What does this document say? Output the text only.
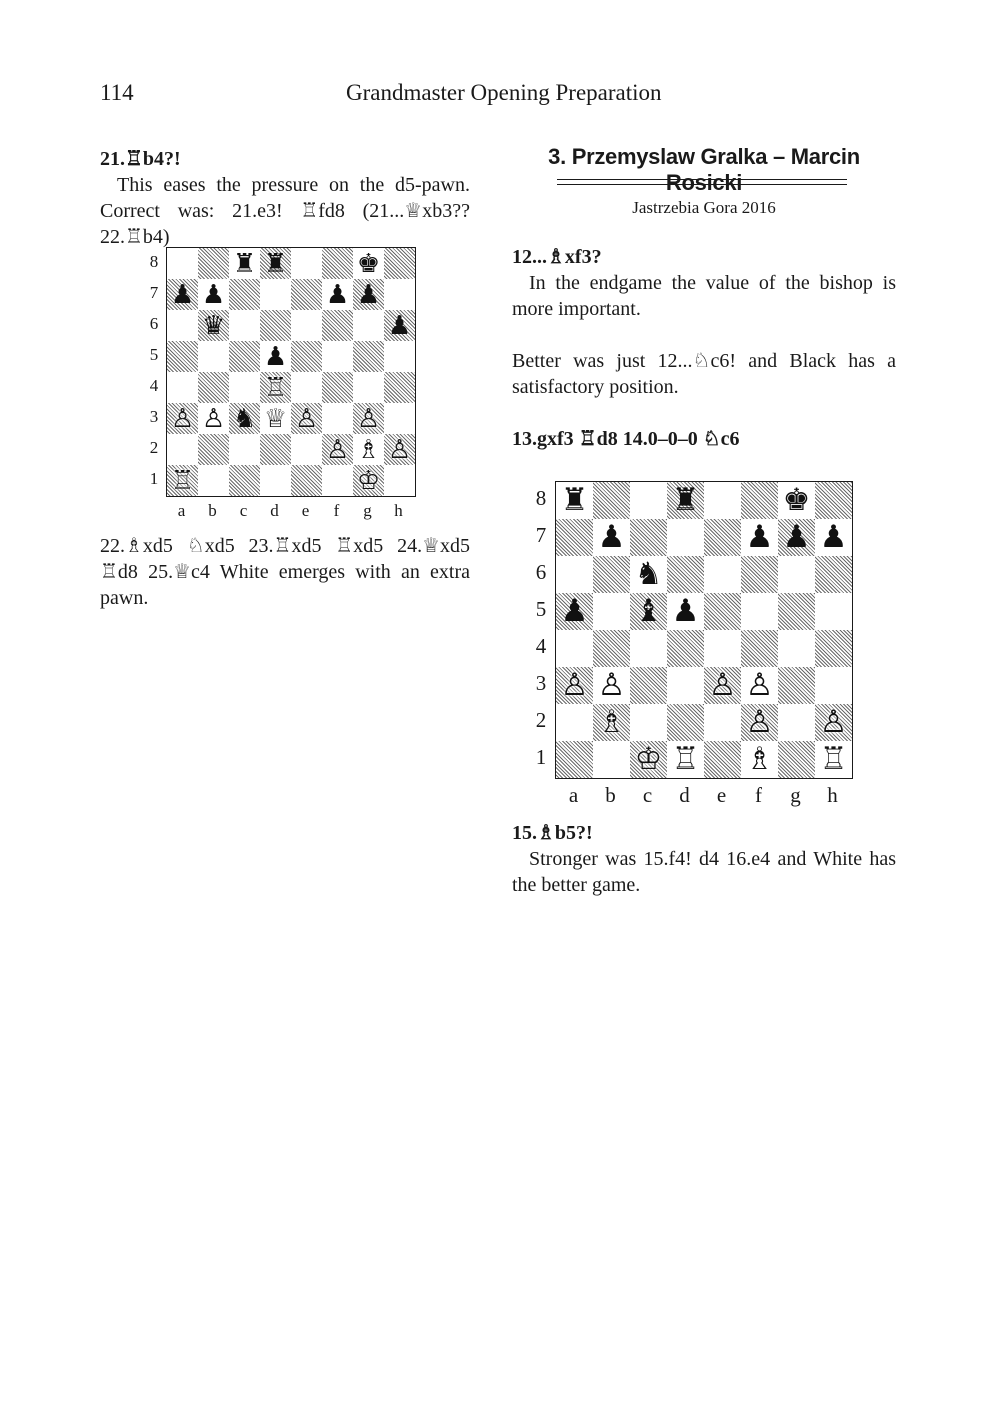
114	Grandmaster Opening Preparation
21.♖b4?!

This eases the pressure on the d5-pawn. Correct was: 21.e3! ♖fd8 (21...♕xb3?? 22.♖b4)

♜ ♜	♚
♟ ♟	♟ ♟
♛	♟
♟
♖
♙ ♙ ♞ ♕ ♙ ♙
♙ ♗ ♙
♖	♔
8
7
6
5
4
3
2
1
a	b	c	d	e	f	g	h

22.♗xd5 ♘xd5 23.♖xd5 ♖xd5 24.♕xd5 ♖d8 25.♕c4 White emerges with an extra pawn.

3. Przemyslaw Gralka – Marcin Rosicki
Jastrzebia Gora 2016
12...♗xf3?

In the endgame the value of the bishop is more important.

Better was just 12...♘c6! and Black has a satisfactory position.

13.gxf3 ♖d8 14.0–0–0 ♘c6
♜	♜	♚
♟	♟ ♟ ♟
♞
♟ ♝ ♟
♙ ♙	♙ ♙
♗	♙ ♙
♔ ♖ ♗ ♖
8
7
6
5
4
3
2
1
a	b	c	d	e	f	g	h
15.♗b5?!

Stronger was 15.f4! d4 16.e4 and White has the better game.
